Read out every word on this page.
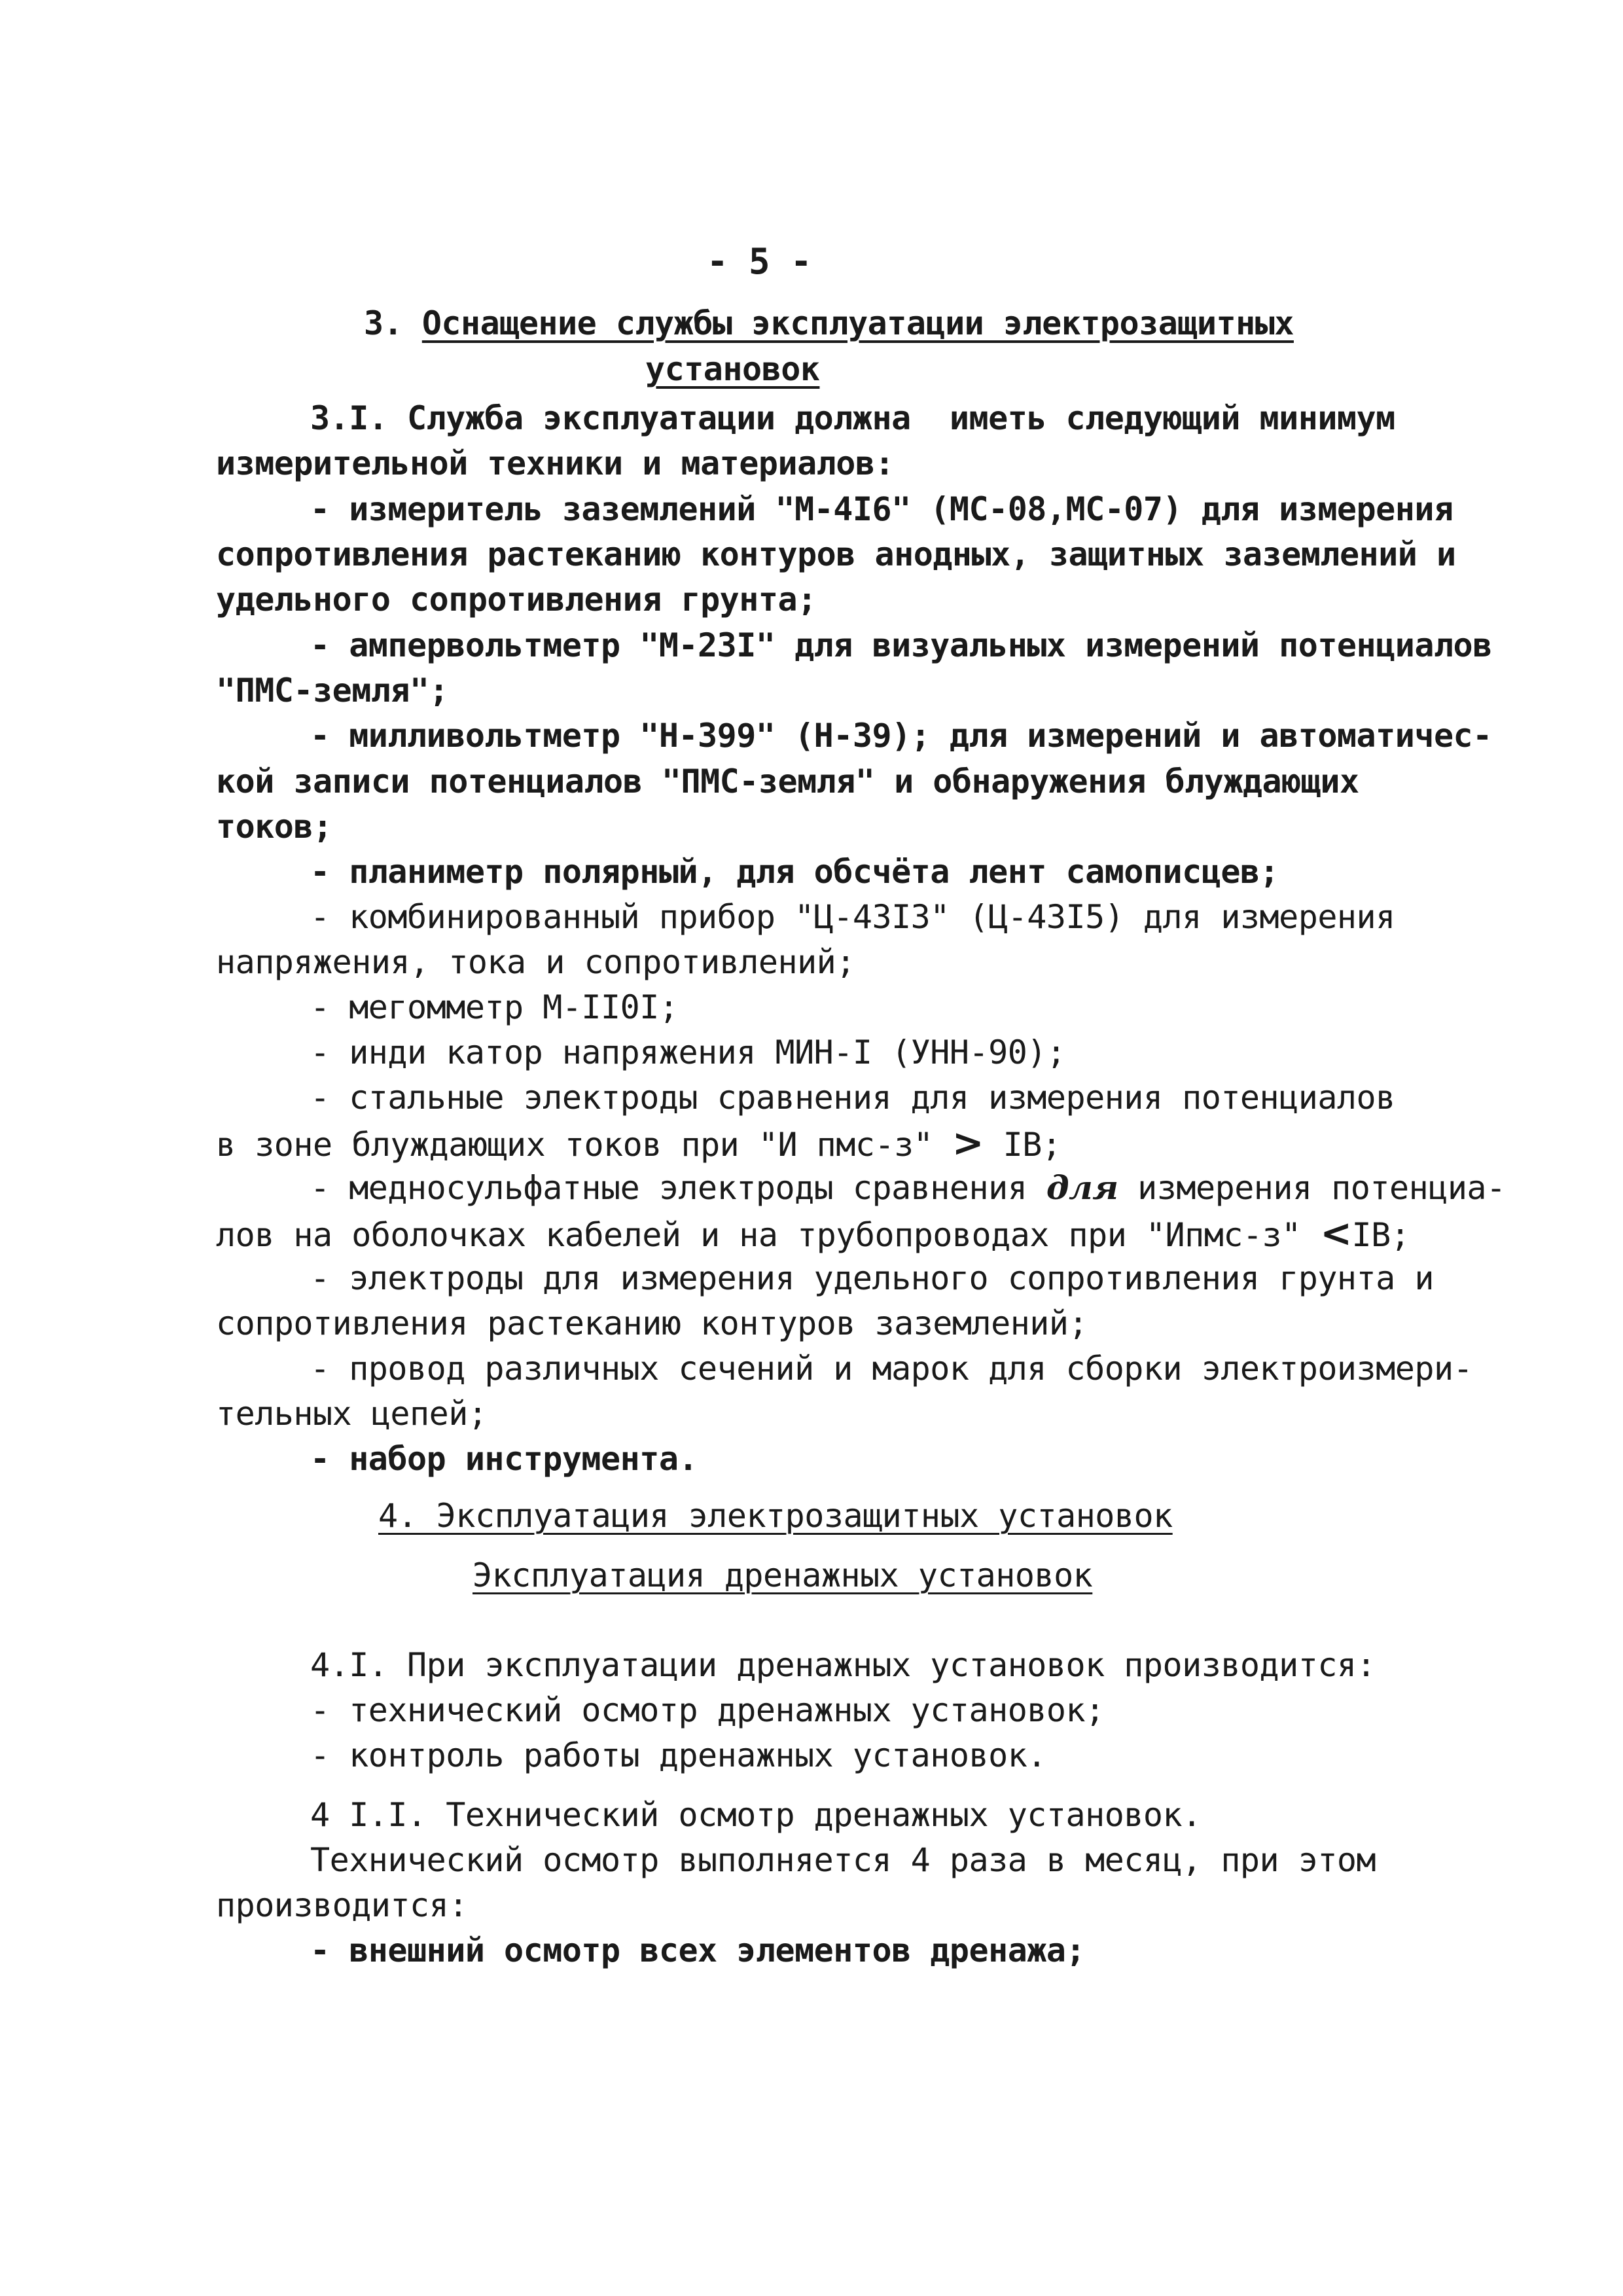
- 5 -
3. Оснащение службы эксплуатации электрозащитных
установок
3.I. Служба эксплуатации должна  иметь следующий минимум
измерительной техники и материалов:
- измеритель заземлений "М-4I6" (МС-08,МС-07) для измерения
сопротивления растеканию контуров анодных, защитных заземлений и
удельного сопротивления грунта;
- ампервольтметр "М-23I" для визуальных измерений потенциалов
"ПМС-земля";
- милливольтметр "Н-399" (Н-39); для измерений и автоматичес-
кой записи потенциалов "ПМС-земля" и обнаружения блуждающих
токов;
- планиметр полярный, для обсчёта лент самописцев;
- комбинированный прибор "Ц-43I3" (Ц-43I5) для измерения
напряжения, тока и сопротивлений;
- мегомметр М-II0I;
- инди катор напряжения МИН-I (УНН-90);
- стальные электроды сравнения для измерения потенциалов
в зоне блуждающих токов при "И пмс-з" > IВ;
- медносульфатные электроды сравнения для измерения потенциа-
лов на оболочках кабелей и на трубопроводах при "Ипмс-з" <IВ;
- электроды для измерения удельного сопротивления грунта и
сопротивления растеканию контуров заземлений;
- провод различных сечений и марок для сборки электроизмери-
тельных цепей;
- набор инструмента.
4. Эксплуатация электрозащитных установок
Эксплуатация дренажных установок
4.I. При эксплуатации дренажных установок производится:
- технический осмотр дренажных установок;
- контроль работы дренажных установок.
4 I.I. Технический осмотр дренажных установок.
Технический осмотр выполняется 4 раза в месяц, при этом
производится:
- внешний осмотр всех элементов дренажа;
